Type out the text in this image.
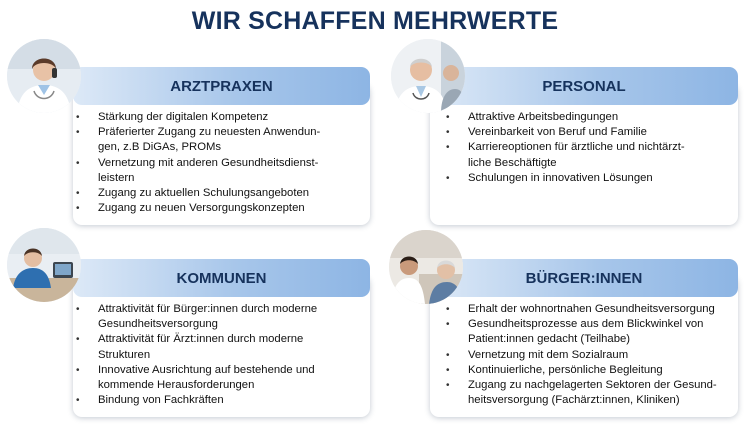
WIR SCHAFFEN MEHRWERTE
ARZTPRAXEN
• Stärkung der digitalen Kompetenz
• Präferierter Zugang zu neuesten Anwendun-
gen, z.B DiGAs, PROMs
• Vernetzung mit anderen Gesundheitsdienst-
leistern
• Zugang zu aktuellen Schulungsangeboten
• Zugang zu neuen Versorgungskonzepten
PERSONAL
• Attraktive Arbeitsbedingungen
• Vereinbarkeit von Beruf und Familie
• Karriereoptionen für ärztliche und nichtärzt-
liche Beschäftigte
• Schulungen in innovativen Lösungen
KOMMUNEN
• Attraktivität für Bürger:innen durch moderne
Gesundheitsversorgung
• Attraktivität für Ärzt:innen durch moderne
Strukturen
• Innovative Ausrichtung auf bestehende und
kommende Herausforderungen
• Bindung von Fachkräften
BÜRGER:INNEN
• Erhalt der wohnortnahen Gesundheitsversorgung
• Gesundheitsprozesse aus dem Blickwinkel von
Patient:innen gedacht (Teilhabe)
• Vernetzung mit dem Sozialraum
• Kontinuierliche, persönliche Begleitung
• Zugang zu nachgelagerten Sektoren der Gesund-
heitsversorgung (Fachärzt:innen, Kliniken)
